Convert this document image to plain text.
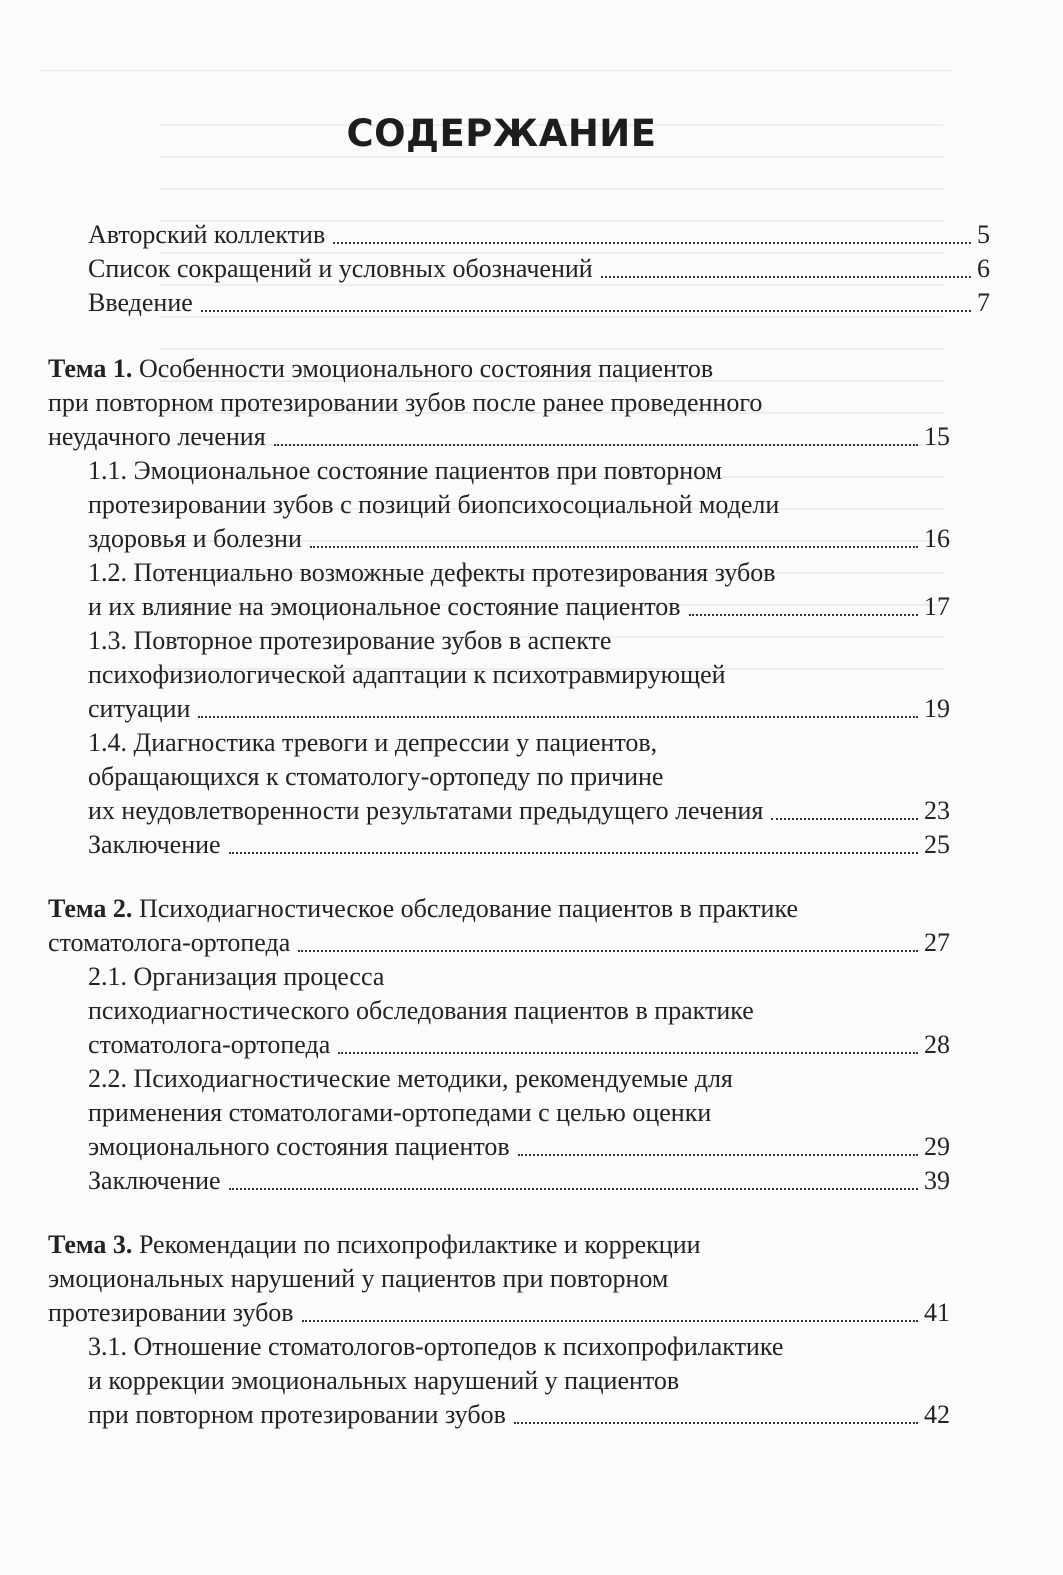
СОДЕРЖАНИЕ
Авторский коллектив	5
Список сокращений и условных обозначений	6
Введение	7
Тема 1. Особенности эмоционального состояния пациентов
при повторном протезировании зубов после ранее проведенного
неудачного лечения	15
1.1. Эмоциональное состояние пациентов при повторном
протезировании зубов с позиций биопсихосоциальной модели
здоровья и болезни	16
1.2. Потенциально возможные дефекты протезирования зубов
и их влияние на эмоциональное состояние пациентов	17
1.3. Повторное протезирование зубов в аспекте
психофизиологической адаптации к психотравмирующей
ситуации	19
1.4. Диагностика тревоги и депрессии у пациентов,
обращающихся к стоматологу-ортопеду по причине
их неудовлетворенности результатами предыдущего лечения	23
Заключение	25
Тема 2. Психодиагностическое обследование пациентов в практике
стоматолога-ортопеда	27
2.1. Организация процесса
психодиагностического обследования пациентов в практике
стоматолога-ортопеда	28
2.2. Психодиагностические методики, рекомендуемые для
применения стоматологами-ортопедами с целью оценки
эмоционального состояния пациентов	29
Заключение	39
Тема 3. Рекомендации по психопрофилактике и коррекции
эмоциональных нарушений у пациентов при повторном
протезировании зубов	41
3.1. Отношение стоматологов-ортопедов к психопрофилактике
и коррекции эмоциональных нарушений у пациентов
при повторном протезировании зубов	42
